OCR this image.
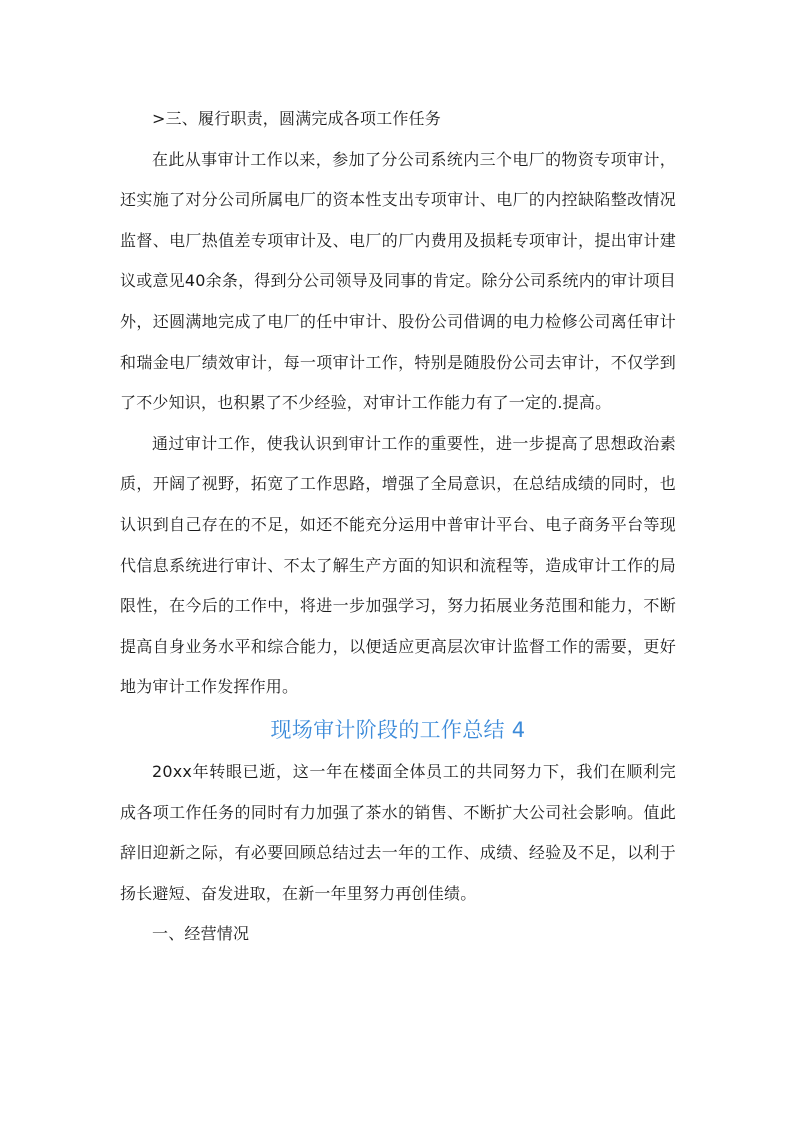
>三、履行职责，圆满完成各项工作任务

在此从事审计工作以来，参加了分公司系统内三个电厂的物资专项审计，还实施了对分公司所属电厂的资本性支出专项审计、电厂的内控缺陷整改情况监督、电厂热值差专项审计及、电厂的厂内费用及损耗专项审计，提出审计建议或意见40余条，得到分公司领导及同事的肯定。除分公司系统内的审计项目外，还圆满地完成了电厂的任中审计、股份公司借调的电力检修公司离任审计和瑞金电厂绩效审计，每一项审计工作，特别是随股份公司去审计，不仅学到了不少知识，也积累了不少经验，对审计工作能力有了一定的.提高。

通过审计工作，使我认识到审计工作的重要性，进一步提高了思想政治素质，开阔了视野，拓宽了工作思路，增强了全局意识，在总结成绩的同时，也认识到自己存在的不足，如还不能充分运用中普审计平台、电子商务平台等现代信息系统进行审计、不太了解生产方面的知识和流程等，造成审计工作的局限性，在今后的工作中，将进一步加强学习，努力拓展业务范围和能力，不断提高自身业务水平和综合能力，以便适应更高层次审计监督工作的需要，更好地为审计工作发挥作用。

现场审计阶段的工作总结 4

20xx年转眼已逝，这一年在楼面全体员工的共同努力下，我们在顺利完成各项工作任务的同时有力加强了茶水的销售、不断扩大公司社会影响。值此辞旧迎新之际，有必要回顾总结过去一年的工作、成绩、经验及不足，以利于扬长避短、奋发进取，在新一年里努力再创佳绩。

一、经营情况
